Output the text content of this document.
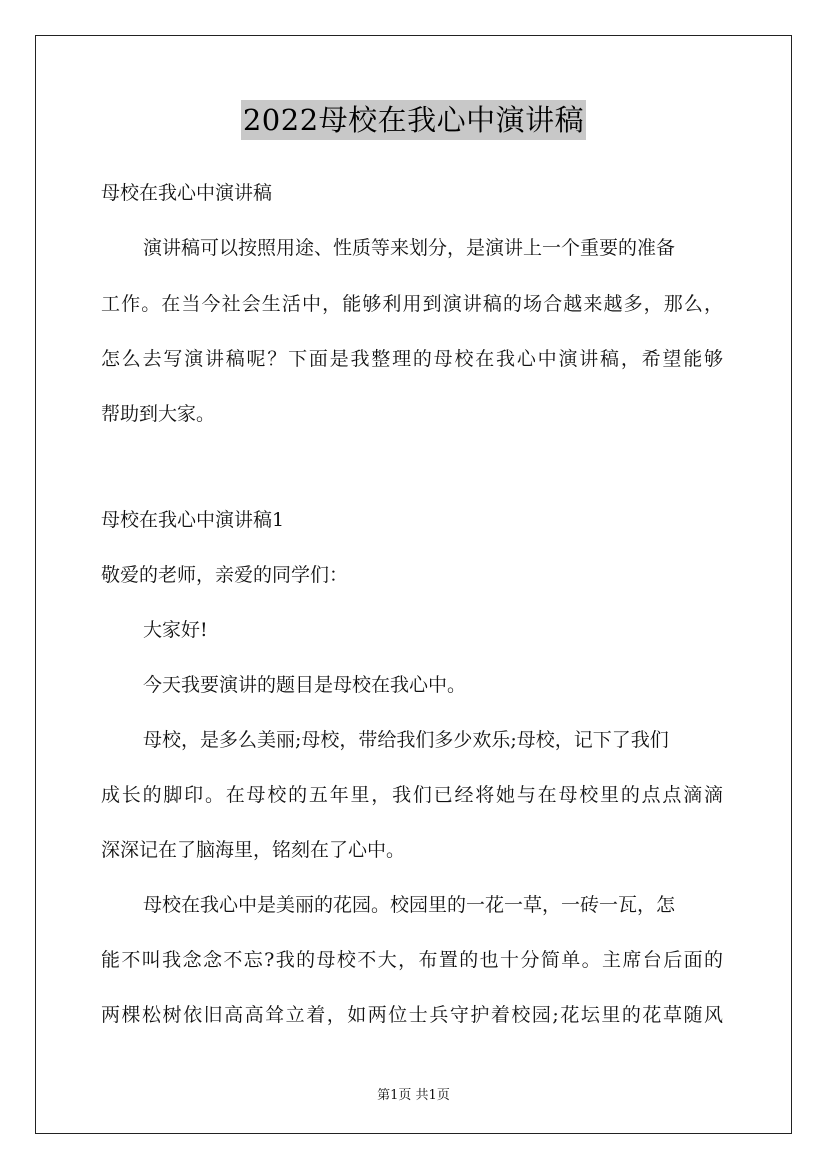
2022母校在我心中演讲稿
母校在我心中演讲稿
演讲稿可以按照用途、性质等来划分，是演讲上一个重要的准备
工作。在当今社会生活中，能够利用到演讲稿的场合越来越多，那么，
怎么去写演讲稿呢？下面是我整理的母校在我心中演讲稿，希望能够
帮助到大家。
母校在我心中演讲稿1
敬爱的老师，亲爱的同学们：
大家好!
今天我要演讲的题目是母校在我心中。
母校，是多么美丽;母校，带给我们多少欢乐;母校，记下了我们
成长的脚印。在母校的五年里，我们已经将她与在母校里的点点滴滴
深深记在了脑海里，铭刻在了心中。
母校在我心中是美丽的花园。校园里的一花一草，一砖一瓦，怎
能不叫我念念不忘?我的母校不大，布置的也十分简单。主席台后面的
两棵松树依旧高高耸立着，如两位士兵守护着校园;花坛里的花草随风
第1页 共1页
